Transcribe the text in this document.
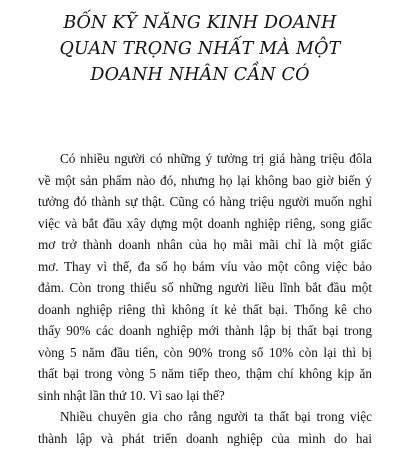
BỐN KỸ NĂNG KINH DOANH
QUAN TRỌNG NHẤT MÀ MỘT
DOANH NHÂN CẦN CÓ

Có nhiều người có những ý tưởng trị giá hàng triệu đôla
về một sản phẩm nào đó, nhưng họ lại không bao giờ biến ý
tưởng đó thành sự thật. Cũng có hàng triệu người muốn nghỉ
việc và bắt đầu xây dựng một doanh nghiệp riêng, song giấc
mơ trở thành doanh nhân của họ mãi mãi chỉ là một giấc
mơ. Thay vì thế, đa số họ bám víu vào một công việc bảo
đảm. Còn trong thiểu số những người liều lĩnh bắt đầu một
doanh nghiệp riêng thì không ít kẻ thất bại. Thống kê cho
thấy 90% các doanh nghiệp mới thành lập bị thất bại trong
vòng 5 năm đầu tiên, còn 90% trong số 10% còn lại thì bị
thất bại trong vòng 5 năm tiếp theo, thậm chí không kịp ăn
sinh nhật lần thứ 10. Vì sao lại thế?

Nhiều chuyên gia cho rằng người ta thất bại trong việc
thành lập và phát triển doanh nghiệp của mình do hai
